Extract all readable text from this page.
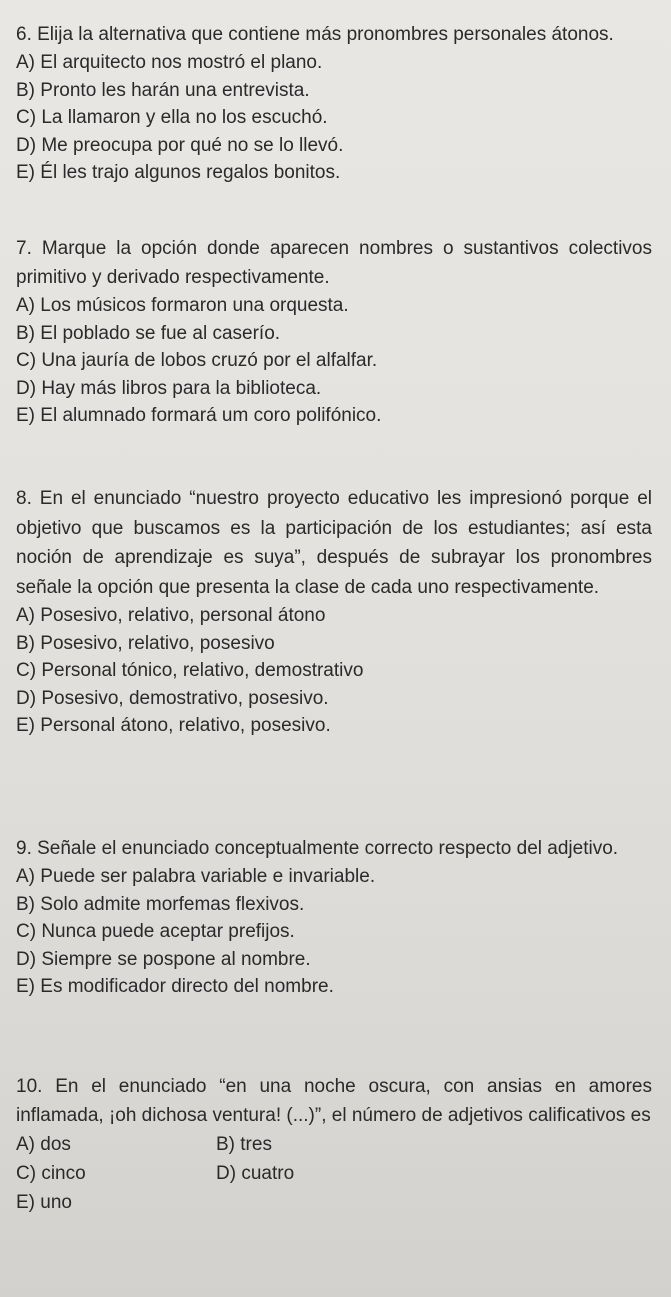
6. Elija la alternativa que contiene más pronombres personales átonos.

A) El arquitecto nos mostró el plano.

B) Pronto les harán una entrevista.

C) La llamaron y ella no los escuchó.

D) Me preocupa por qué no se lo llevó.

E) Él les trajo algunos regalos bonitos.

7. Marque la opción donde aparecen nombres o sustantivos colectivos primitivo y derivado respectivamente.

A) Los músicos formaron una orquesta.

B) El poblado se fue al caserío.

C) Una jauría de lobos cruzó por el alfalfar.

D) Hay más libros para la biblioteca.

E) El alumnado formará um coro polifónico.

8. En el enunciado “nuestro proyecto educativo les impresionó porque el objetivo que buscamos es la participación de los estudiantes; así esta noción de aprendizaje es suya”, después de subrayar los pronombres señale la opción que presenta la clase de cada uno respectivamente.

A) Posesivo, relativo, personal átono

B) Posesivo, relativo, posesivo

C) Personal tónico, relativo, demostrativo

D) Posesivo, demostrativo, posesivo.

E) Personal átono, relativo, posesivo.

9. Señale el enunciado conceptualmente correcto respecto del adjetivo.

A) Puede ser palabra variable e invariable.

B) Solo admite morfemas flexivos.

C) Nunca puede aceptar prefijos.

D) Siempre se pospone al nombre.

E) Es modificador directo del nombre.

10. En el enunciado “en una noche oscura, con ansias en amores inflamada, ¡oh dichosa ventura! (...)”, el número de adjetivos calificativos es

A) dos	B) tres

C) cinco	D) cuatro

E) uno
